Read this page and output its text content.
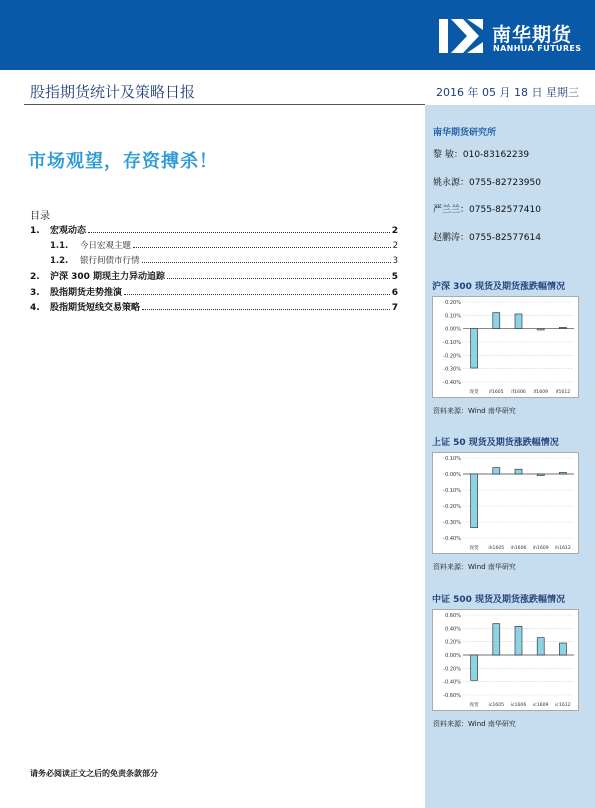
南华期货
NANHUA FUTURES
股指期货统计及策略日报	2016 年 05 月 18 日 星期三
市场观望，存资搏杀！
目录
1.	宏观动态	2
1.1.	今日宏观主题	2
1.2.	银行间债市行情	3
2.	沪深 300 期现主力异动追踪	5
3.	股指期货走势推演	6
4.	股指期货短线交易策略	7
南华期货研究所
黎 敏：010-83162239
姚永源：0755-82723950
严兰兰：0755-82577410
赵鹏涛：0755-82577614
沪深 300 现货及期货涨跌幅情况
0.20%
0.10%
0.00%
-0.10%
-0.20%
-0.30%
-0.40%
现货 if1605 if1606 if1609 if1612
资料来源：Wind 南华研究
上证 50 现货及期货涨跌幅情况
0.10%
0.00%
-0.10%
-0.20%
-0.30%
-0.40%
现货 ih1605 ih1606 ih1609 ih1612
资料来源：Wind 南华研究
中证 500 现货及期货涨跌幅情况
0.60%
0.40%
0.20%
0.00%
-0.20%
-0.40%
-0.60%
现货 ic1605 ic1606 ic1609 ic1612
资料来源：Wind 南华研究
请务必阅读正文之后的免责条款部分
